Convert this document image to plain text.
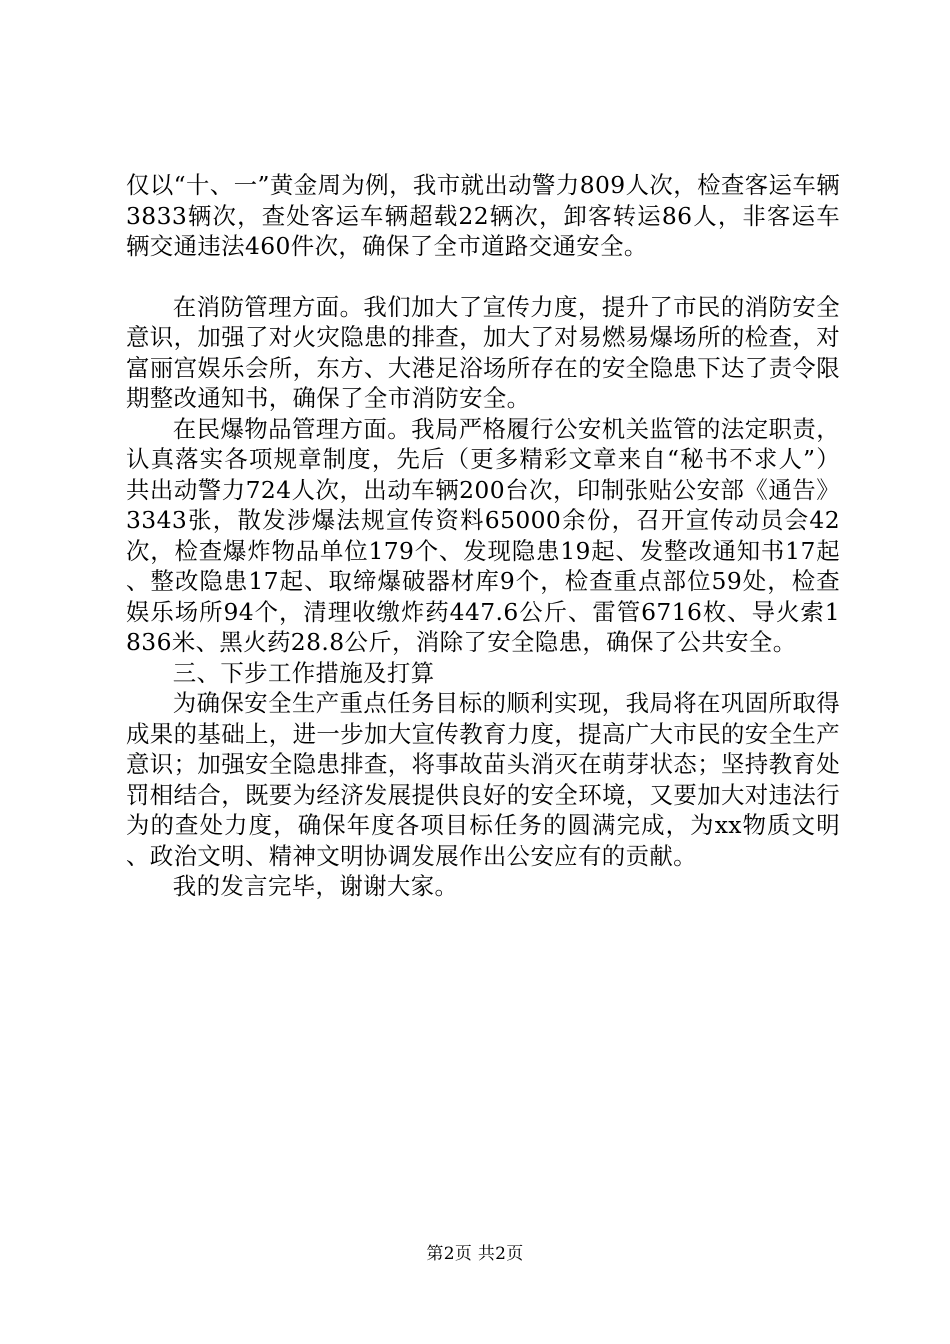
仅以“十、一”黄金周为例，我市就出动警力809人次，检查客运车辆3833辆次，查处客运车辆超载22辆次，卸客转运86人，非客运车辆交通违法460件次，确保了全市道路交通安全。

在消防管理方面。我们加大了宣传力度，提升了市民的消防安全意识，加强了对火灾隐患的排查，加大了对易燃易爆场所的检查，对富丽宫娱乐会所，东方、大港足浴场所存在的安全隐患下达了责令限期整改通知书，确保了全市消防安全。

在民爆物品管理方面。我局严格履行公安机关监管的法定职责，认真落实各项规章制度，先后（更多精彩文章来自“秘书不求人”）共出动警力724人次，出动车辆200台次，印制张贴公安部《通告》3343张，散发涉爆法规宣传资料65000余份，召开宣传动员会42次，检查爆炸物品单位179个、发现隐患19起、发整改通知书17起、整改隐患17起、取缔爆破器材库9个，检查重点部位59处，检查娱乐场所94个，清理收缴炸药447.6公斤、雷管6716枚、导火索1836米、黑火药28.8公斤，消除了安全隐患，确保了公共安全。

三、下步工作措施及打算

为确保安全生产重点任务目标的顺利实现，我局将在巩固所取得成果的基础上，进一步加大宣传教育力度，提高广大市民的安全生产意识；加强安全隐患排查，将事故苗头消灭在萌芽状态；坚持教育处罚相结合，既要为经济发展提供良好的安全环境，又要加大对违法行为的查处力度，确保年度各项目标任务的圆满完成，为xx物质文明、政治文明、精神文明协调发展作出公安应有的贡献。

我的发言完毕，谢谢大家。

第2页 共2页
